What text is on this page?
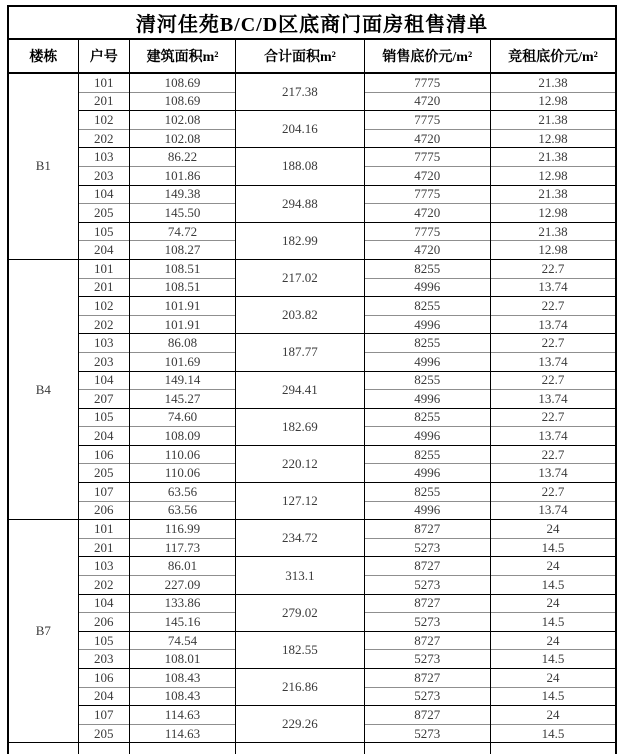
清河佳苑B/C/D区底商门面房租售清单					
楼栋	户号	建筑面积m²	合计面积m²	销售底价元/m²	竞租底价元/m²
B1	101	108.69	217.38	7775	21.38
	201	108.69		4720	12.98
	102	102.08	204.16	7775	21.38
	202	102.08		4720	12.98
	103	86.22	188.08	7775	21.38
	203	101.86		4720	12.98
	104	149.38	294.88	7775	21.38
	205	145.50		4720	12.98
	105	74.72	182.99	7775	21.38
	204	108.27		4720	12.98
B4	101	108.51	217.02	8255	22.7
	201	108.51		4996	13.74
	102	101.91	203.82	8255	22.7
	202	101.91		4996	13.74
	103	86.08	187.77	8255	22.7
	203	101.69		4996	13.74
	104	149.14	294.41	8255	22.7
	207	145.27		4996	13.74
	105	74.60	182.69	8255	22.7
	204	108.09		4996	13.74
	106	110.06	220.12	8255	22.7
	205	110.06		4996	13.74
	107	63.56	127.12	8255	22.7
	206	63.56		4996	13.74
B7	101	116.99	234.72	8727	24
	201	117.73		5273	14.5
	103	86.01	313.1	8727	24
	202	227.09		5273	14.5
	104	133.86	279.02	8727	24
	206	145.16		5273	14.5
	105	74.54	182.55	8727	24
	203	108.01		5273	14.5
	106	108.43	216.86	8727	24
	204	108.43		5273	14.5
	107	114.63	229.26	8727	24
	205	114.63		5273	14.5
